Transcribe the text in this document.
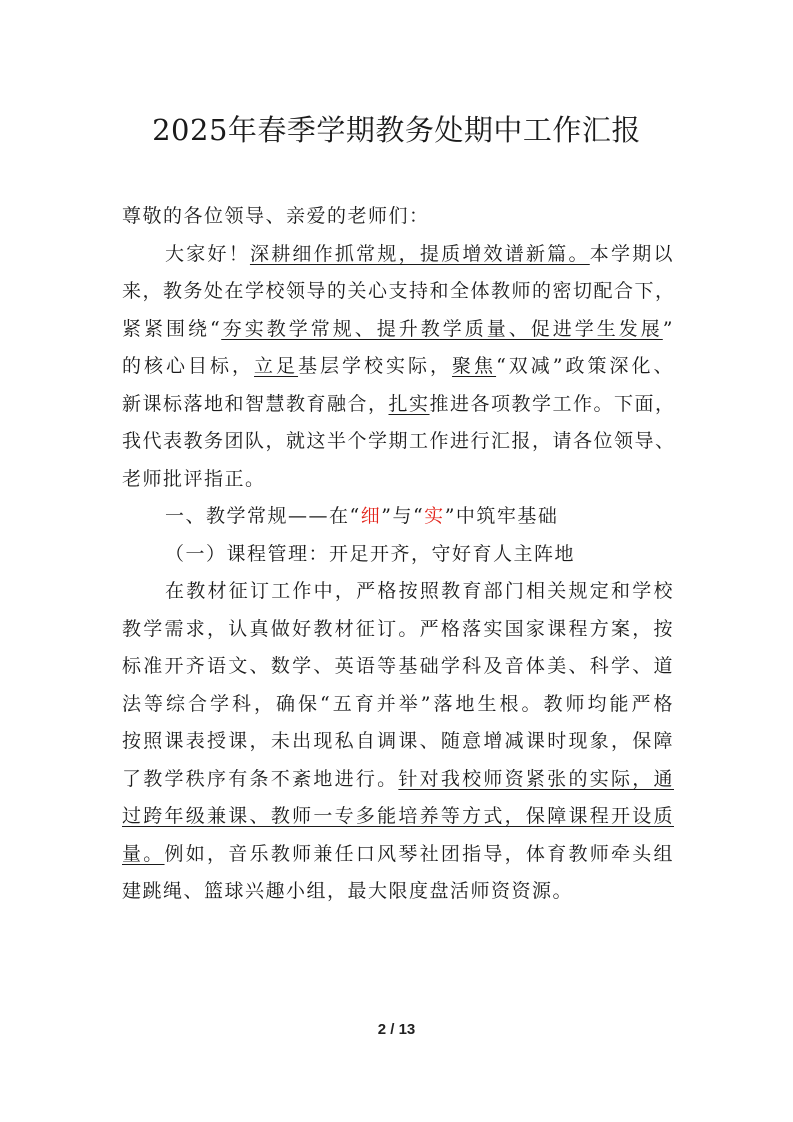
2025年春季学期教务处期中工作汇报
尊敬的各位领导、亲爱的老师们：
大家好！深耕细作抓常规，提质增效谱新篇。本学期以
来，教务处在学校领导的关心支持和全体教师的密切配合下，
紧紧围绕“夯实教学常规、提升教学质量、促进学生发展”
的核心目标，立足基层学校实际，聚焦“双减”政策深化、
新课标落地和智慧教育融合，扎实推进各项教学工作。下面，
我代表教务团队，就这半个学期工作进行汇报，请各位领导、
老师批评指正。
一、教学常规——在“细”与“实”中筑牢基础
（一）课程管理：开足开齐，守好育人主阵地
在教材征订工作中，严格按照教育部门相关规定和学校
教学需求，认真做好教材征订。严格落实国家课程方案，按
标准开齐语文、数学、英语等基础学科及音体美、科学、道
法等综合学科，确保“五育并举”落地生根。教师均能严格
按照课表授课，未出现私自调课、随意增减课时现象，保障
了教学秩序有条不紊地进行。针对我校师资紧张的实际，通
过跨年级兼课、教师一专多能培养等方式，保障课程开设质
量。例如，音乐教师兼任口风琴社团指导，体育教师牵头组
建跳绳、篮球兴趣小组，最大限度盘活师资资源。
2 / 13
